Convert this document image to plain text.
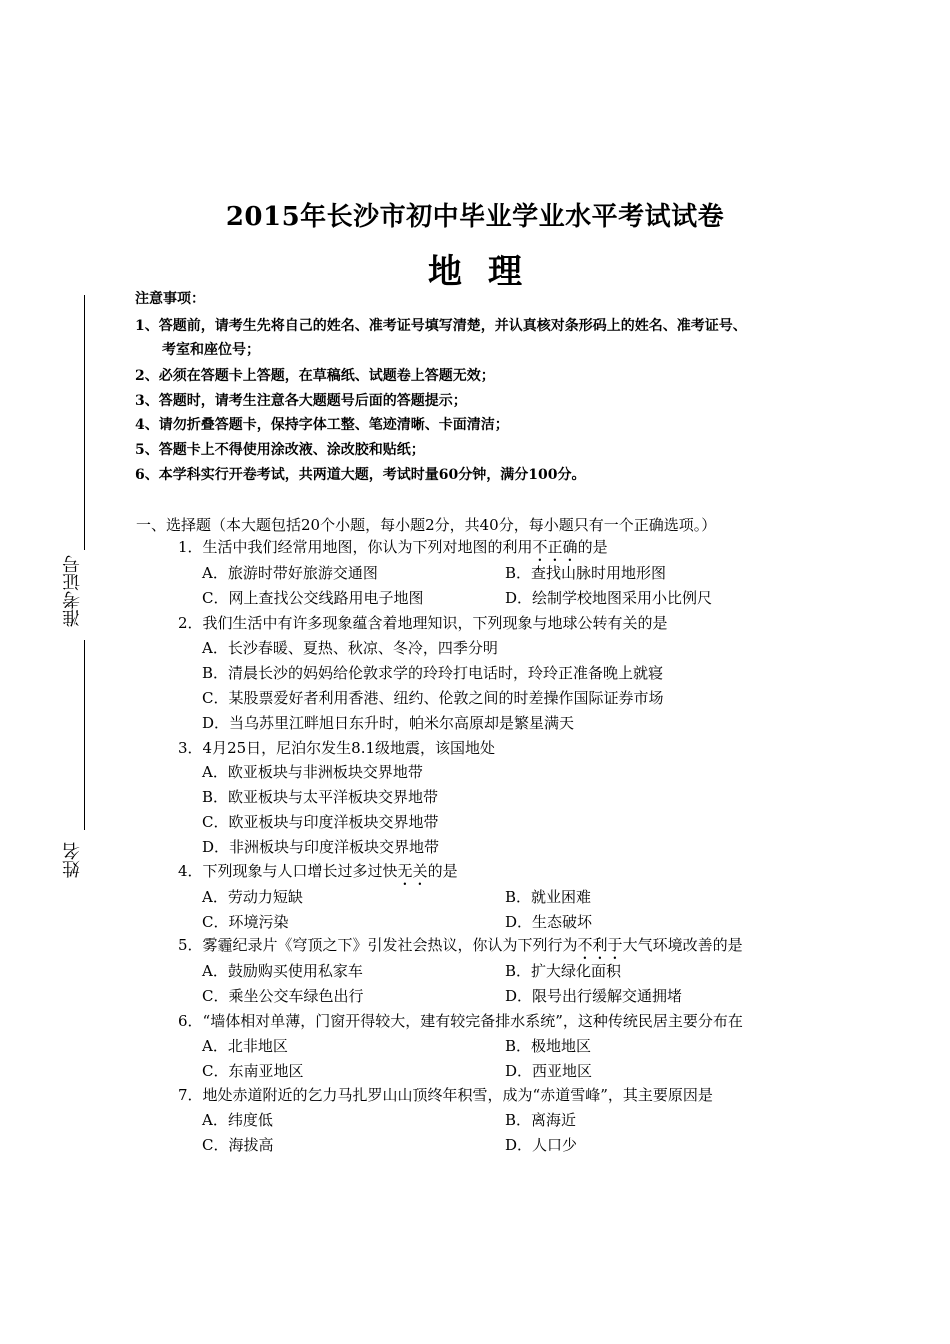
准考证号
姓名
2015年长沙市初中毕业学业水平考试试卷
地理
注意事项：
1、答题前，请考生先将自己的姓名、准考证号填写清楚，并认真核对条形码上的姓名、准考证号、
考室和座位号；
2、必须在答题卡上答题，在草稿纸、试题卷上答题无效；
3、答题时，请考生注意各大题题号后面的答题提示；
4、请勿折叠答题卡，保持字体工整、笔迹清晰、卡面清洁；
5、答题卡上不得使用涂改液、涂改胶和贴纸；
6、本学科实行开卷考试，共两道大题，考试时量60分钟，满分100分。
一、选择题（本大题包括20个小题，每小题2分，共40分，每小题只有一个正确选项。）
1．生活中我们经常用地图，你认为下列对地图的利用不正确的是
A．旅游时带好旅游交通图	B．查找山脉时用地形图
C．网上查找公交线路用电子地图	D．绘制学校地图采用小比例尺
2．我们生活中有许多现象蕴含着地理知识，下列现象与地球公转有关的是
A．长沙春暖、夏热、秋凉、冬冷，四季分明
B．清晨长沙的妈妈给伦敦求学的玲玲打电话时，玲玲正准备晚上就寝
C．某股票爱好者利用香港、纽约、伦敦之间的时差操作国际证券市场
D．当乌苏里江畔旭日东升时，帕米尔高原却是繁星满天
3．4月25日，尼泊尔发生8.1级地震，该国地处
A．欧亚板块与非洲板块交界地带
B．欧亚板块与太平洋板块交界地带
C．欧亚板块与印度洋板块交界地带
D．非洲板块与印度洋板块交界地带
4．下列现象与人口增长过多过快无关的是
A．劳动力短缺	B．就业困难
C．环境污染	D．生态破坏
5．雾霾纪录片《穹顶之下》引发社会热议，你认为下列行为不利于大气环境改善的是
A．鼓励购买使用私家车	B．扩大绿化面积
C．乘坐公交车绿色出行	D．限号出行缓解交通拥堵
6．“墙体相对单薄，门窗开得较大，建有较完备排水系统”，这种传统民居主要分布在
A．北非地区	B．极地地区
C．东南亚地区	D．西亚地区
7．地处赤道附近的乞力马扎罗山山顶终年积雪，成为“赤道雪峰”，其主要原因是
A．纬度低	B．离海近
C．海拔高	D．人口少
